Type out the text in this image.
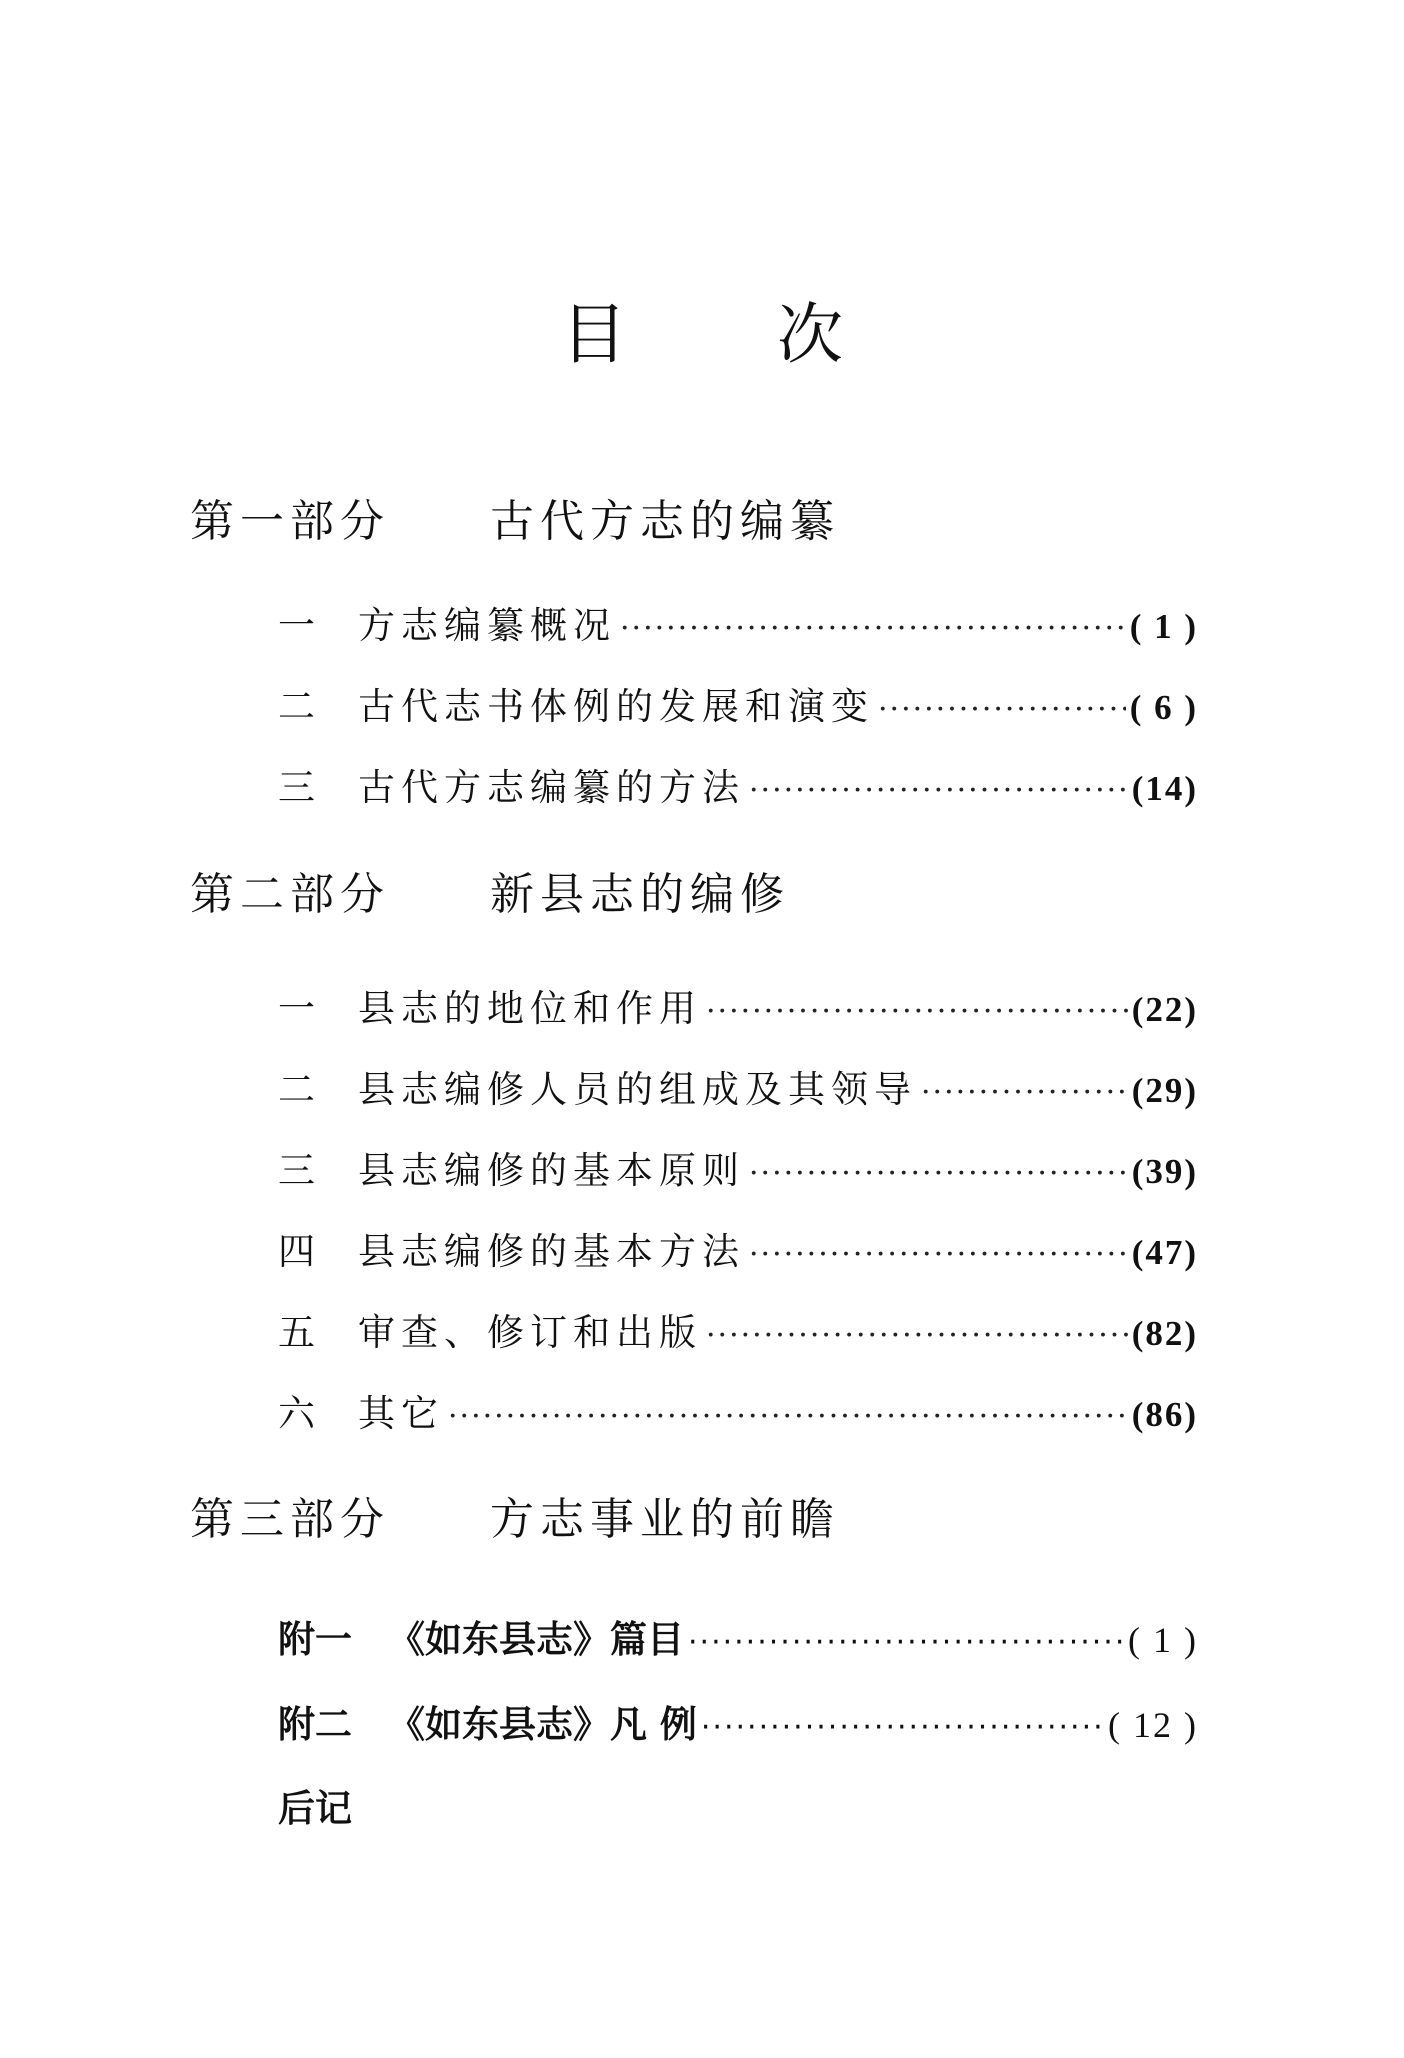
目 次
第一部分 古代方志的编纂
一	方志编纂概况 ·····	( 1 )
二	古代志书体例的发展和演变 ·····	( 6 )
三	古代方志编纂的方法 ·····	(14)
第二部分 新县志的编修
一	县志的地位和作用 ·····	(22)
二	县志编修人员的组成及其领导 ·····	(29)
三	县志编修的基本原则 ·····	(39)
四	县志编修的基本方法 ·····	(47)
五	审查、修订和出版 ·····	(82)
六	其它 ·····	(86)
第三部分 方志事业的前瞻
附一 《如东县志》篇目 ·····	( 1 )
附二 《如东县志》凡 例 ·····	( 12 )
后记
